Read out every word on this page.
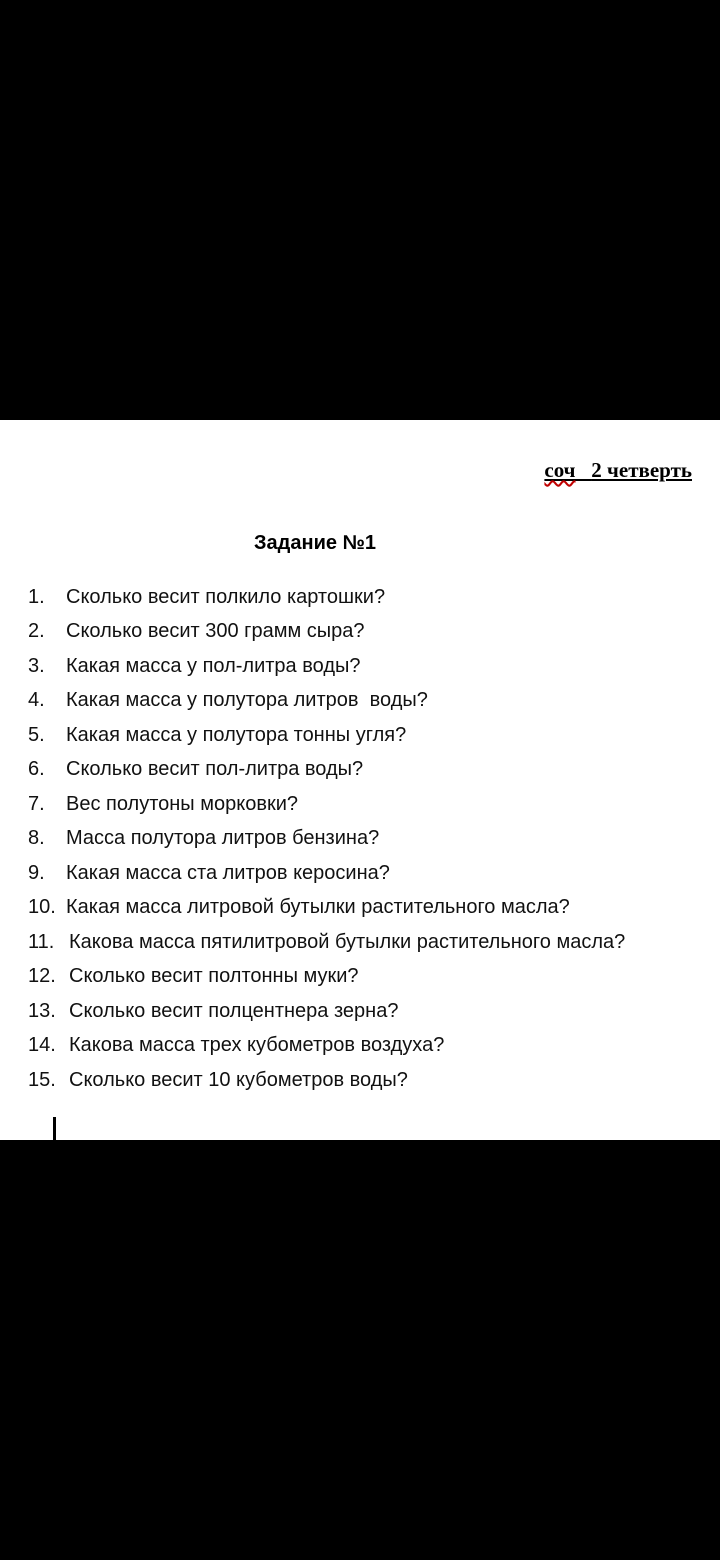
соч 2 четверть
Задание №1
1.	Сколько весит полкило картошки?
2.	Сколько весит 300 грамм сыра?
3.	Какая масса у пол-литра воды?
4.	Какая масса у полутора литров  воды?
5.	Какая масса у полутора тонны угля?
6.	Сколько весит пол-литра воды?
7.	Вес полутоны морковки?
8.	Масса полутора литров бензина?
9.	Какая масса ста литров керосина?
10. Какая масса литровой бутылки растительного масла?
11. Какова масса пятилитровой бутылки растительного масла?
12. Сколько весит полтонны муки?
13. Сколько весит полцентнера зерна?
14. Какова масса трех кубометров воздуха?
15. Сколько весит 10 кубометров воды?
